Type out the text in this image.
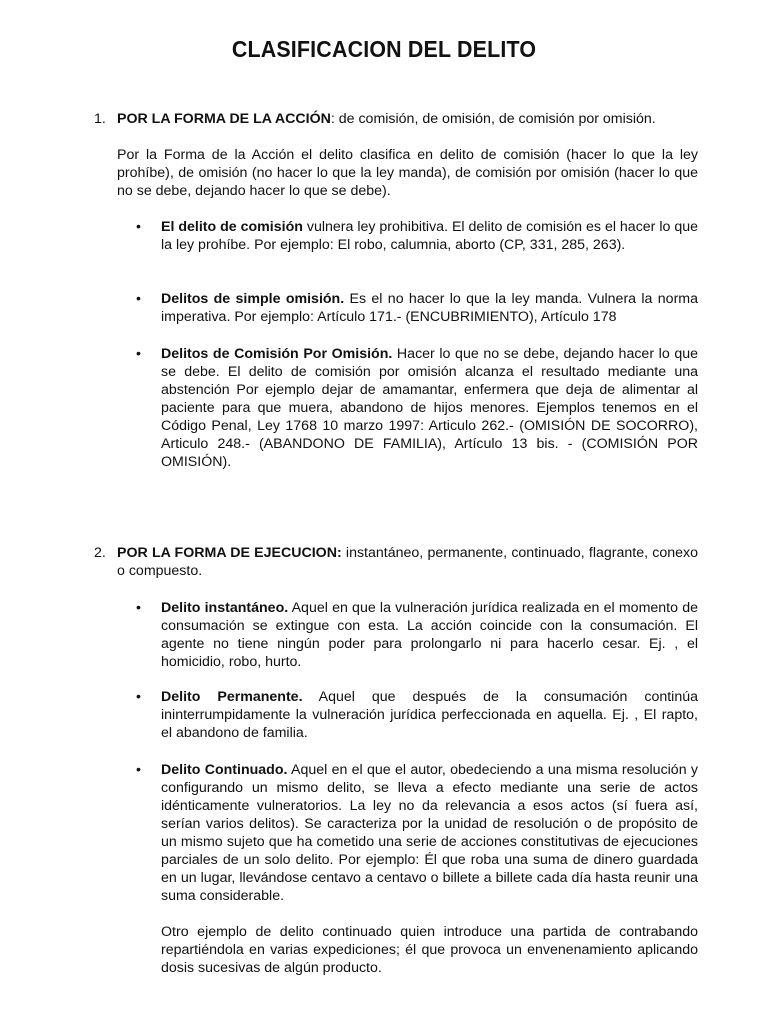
CLASIFICACION DEL DELITO
1. POR LA FORMA DE LA ACCIÓN: de comisión, de omisión, de comisión por omisión.
Por la Forma de la Acción el delito clasifica en delito de comisión (hacer lo que la ley prohíbe), de omisión (no hacer lo que la ley manda), de comisión por omisión (hacer lo que no se debe, dejando hacer lo que se debe).
• El delito de comisión vulnera ley prohibitiva. El delito de comisión es el hacer lo que la ley prohíbe. Por ejemplo: El robo, calumnia, aborto (CP, 331, 285, 263).
• Delitos de simple omisión. Es el no hacer lo que la ley manda. Vulnera la norma imperativa. Por ejemplo: Artículo 171.- (ENCUBRIMIENTO), Artículo 178
• Delitos de Comisión Por Omisión. Hacer lo que no se debe, dejando hacer lo que se debe. El delito de comisión por omisión alcanza el resultado mediante una abstención Por ejemplo dejar de amamantar, enfermera que deja de alimentar al paciente para que muera, abandono de hijos menores. Ejemplos tenemos en el Código Penal, Ley 1768 10 marzo 1997: Articulo 262.- (OMISIÓN DE SOCORRO), Articulo 248.- (ABANDONO DE FAMILIA), Artículo 13 bis. - (COMISIÓN POR OMISIÓN).
2. POR LA FORMA DE EJECUCION: instantáneo, permanente, continuado, flagrante, conexo o compuesto.
• Delito instantáneo. Aquel en que la vulneración jurídica realizada en el momento de consumación se extingue con esta. La acción coincide con la consumación. El agente no tiene ningún poder para prolongarlo ni para hacerlo cesar. Ej. , el homicidio, robo, hurto.
• Delito Permanente. Aquel que después de la consumación continúa ininterrumpidamente la vulneración jurídica perfeccionada en aquella. Ej. , El rapto, el abandono de familia.
• Delito Continuado. Aquel en el que el autor, obedeciendo a una misma resolución y configurando un mismo delito, se lleva a efecto mediante una serie de actos idénticamente vulneratorios. La ley no da relevancia a esos actos (sí fuera así, serían varios delitos). Se caracteriza por la unidad de resolución o de propósito de un mismo sujeto que ha cometido una serie de acciones constitutivas de ejecuciones parciales de un solo delito. Por ejemplo: Él que roba una suma de dinero guardada en un lugar, llevándose centavo a centavo o billete a billete cada día hasta reunir una suma considerable.
Otro ejemplo de delito continuado quien introduce una partida de contrabando repartiéndola en varias expediciones; él que provoca un envenenamiento aplicando dosis sucesivas de algún producto.
